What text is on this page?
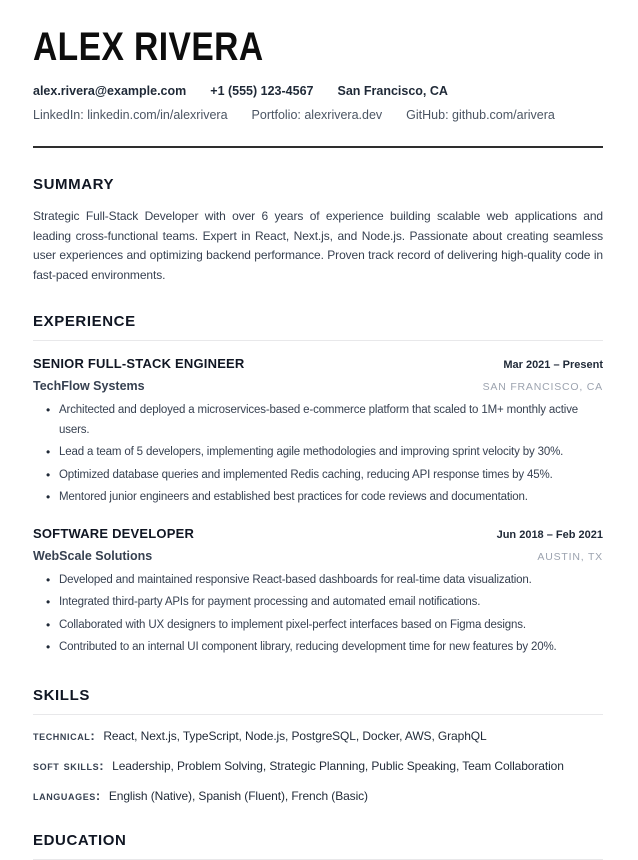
ALEX RIVERA
alex.rivera@example.com +1 (555) 123-4567 San Francisco, CA
LinkedIn: linkedin.com/in/alexrivera Portfolio: alexrivera.dev GitHub: github.com/arivera
SUMMARY

Strategic Full-Stack Developer with over 6 years of experience building scalable web applications and leading cross-functional teams. Expert in React, Next.js, and Node.js. Passionate about creating seamless user experiences and optimizing backend performance. Proven track record of delivering high-quality code in fast-paced environments.

EXPERIENCE
SENIOR FULL-STACK ENGINEER	Mar 2021 – Present
TechFlow Systems	SAN FRANCISCO, CA
• Architected and deployed a microservices-based e-commerce platform that scaled to 1M+ monthly active users.
• Lead a team of 5 developers, implementing agile methodologies and improving sprint velocity by 30%.
• Optimized database queries and implemented Redis caching, reducing API response times by 45%.
• Mentored junior engineers and established best practices for code reviews and documentation.
SOFTWARE DEVELOPER	Jun 2018 – Feb 2021
WebScale Solutions	AUSTIN, TX
• Developed and maintained responsive React-based dashboards for real-time data visualization.
• Integrated third-party APIs for payment processing and automated email notifications.
• Collaborated with UX designers to implement pixel-perfect interfaces based on Figma designs.
• Contributed to an internal UI component library, reducing development time for new features by 20%.
SKILLS

technical: React, Next.js, TypeScript, Node.js, PostgreSQL, Docker, AWS, GraphQL

soft skills: Leadership, Problem Solving, Strategic Planning, Public Speaking, Team Collaboration

languages: English (Native), Spanish (Fluent), French (Basic)

EDUCATION
